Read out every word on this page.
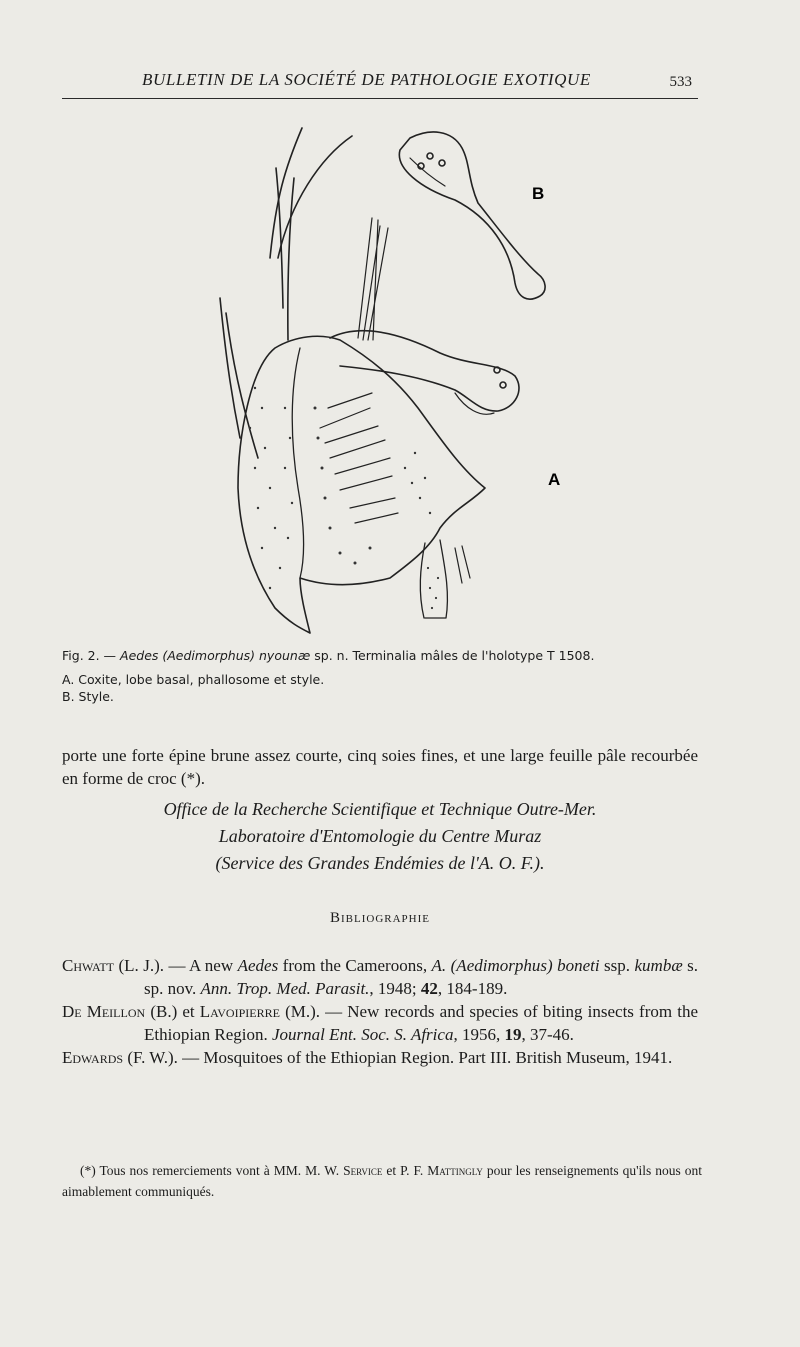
BULLETIN DE LA SOCIÉTÉ DE PATHOLOGIE EXOTIQUE	533
B
A
Fig. 2. — Aedes (Aedimorphus) nyounæ sp. n. Terminalia mâles de l'holotype T 1508.
A. Coxite, lobe basal, phallosome et style.
B. Style.
porte une forte épine brune assez courte, cinq soies fines, et une large feuille pâle recourbée en forme de croc (*).
Office de la Recherche Scientifique et Technique Outre-Mer.
Laboratoire d'Entomologie du Centre Muraz
(Service des Grandes Endémies de l'A. O. F.).
Bibliographie
Chwatt (L. J.). — A new Aedes from the Cameroons, A. (Aedimorphus) boneti ssp. kumbæ s. sp. nov. Ann. Trop. Med. Parasit., 1948; 42, 184-189.
De Meillon (B.) et Lavoipierre (M.). — New records and species of biting insects from the Ethiopian Region. Journal Ent. Soc. S. Africa, 1956, 19, 37-46.
Edwards (F. W.). — Mosquitoes of the Ethiopian Region. Part III. British Museum, 1941.

(*) Tous nos remerciements vont à MM. M. W. Service et P. F. Mattingly pour les renseignements qu'ils nous ont aimablement communiqués.
